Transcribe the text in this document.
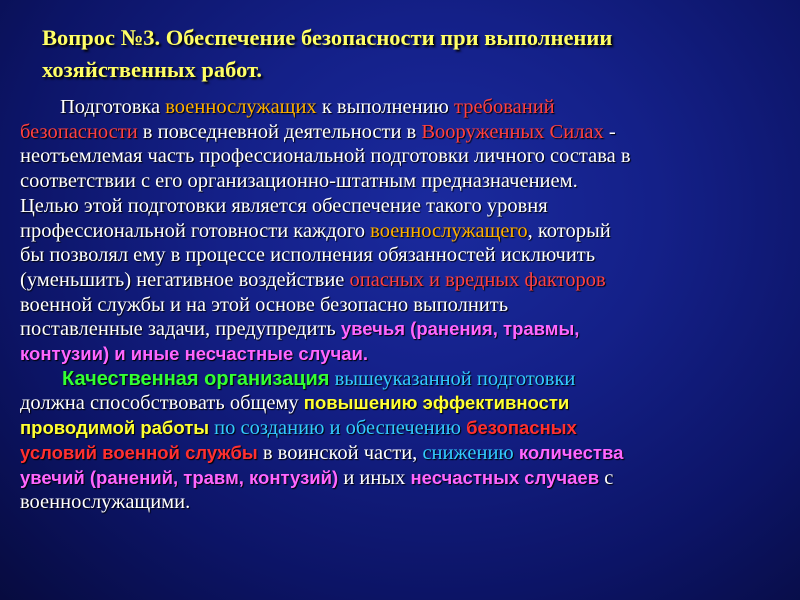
Вопрос №3. Обеспечение безопасности при выполнении
хозяйственных работ.

Подготовка военнослужащих к выполнению требований
безопасности в повседневной деятельности в Вооруженных Силах -
неотъемлемая часть профессиональной подготовки личного состава в
соответствии с его организационно-штатным предназначением.
Целью этой подготовки является обеспечение такого уровня
профессиональной готовности каждого военнослужащего, который
бы позволял ему в процессе исполнения обязанностей исключить
(уменьшить) негативное воздействие опасных и вредных факторов
военной службы и на этой основе безопасно выполнить
поставленные задачи, предупредить увечья (ранения, травмы,
контузии) и иные несчастные случаи.

Качественная организация вышеуказанной подготовки
должна способствовать общему повышению эффективности
проводимой работы по созданию и обеспечению безопасных
условий военной службы в воинской части, снижению количества
увечий (ранений, травм, контузий) и иных несчастных случаев с
военнослужащими.
